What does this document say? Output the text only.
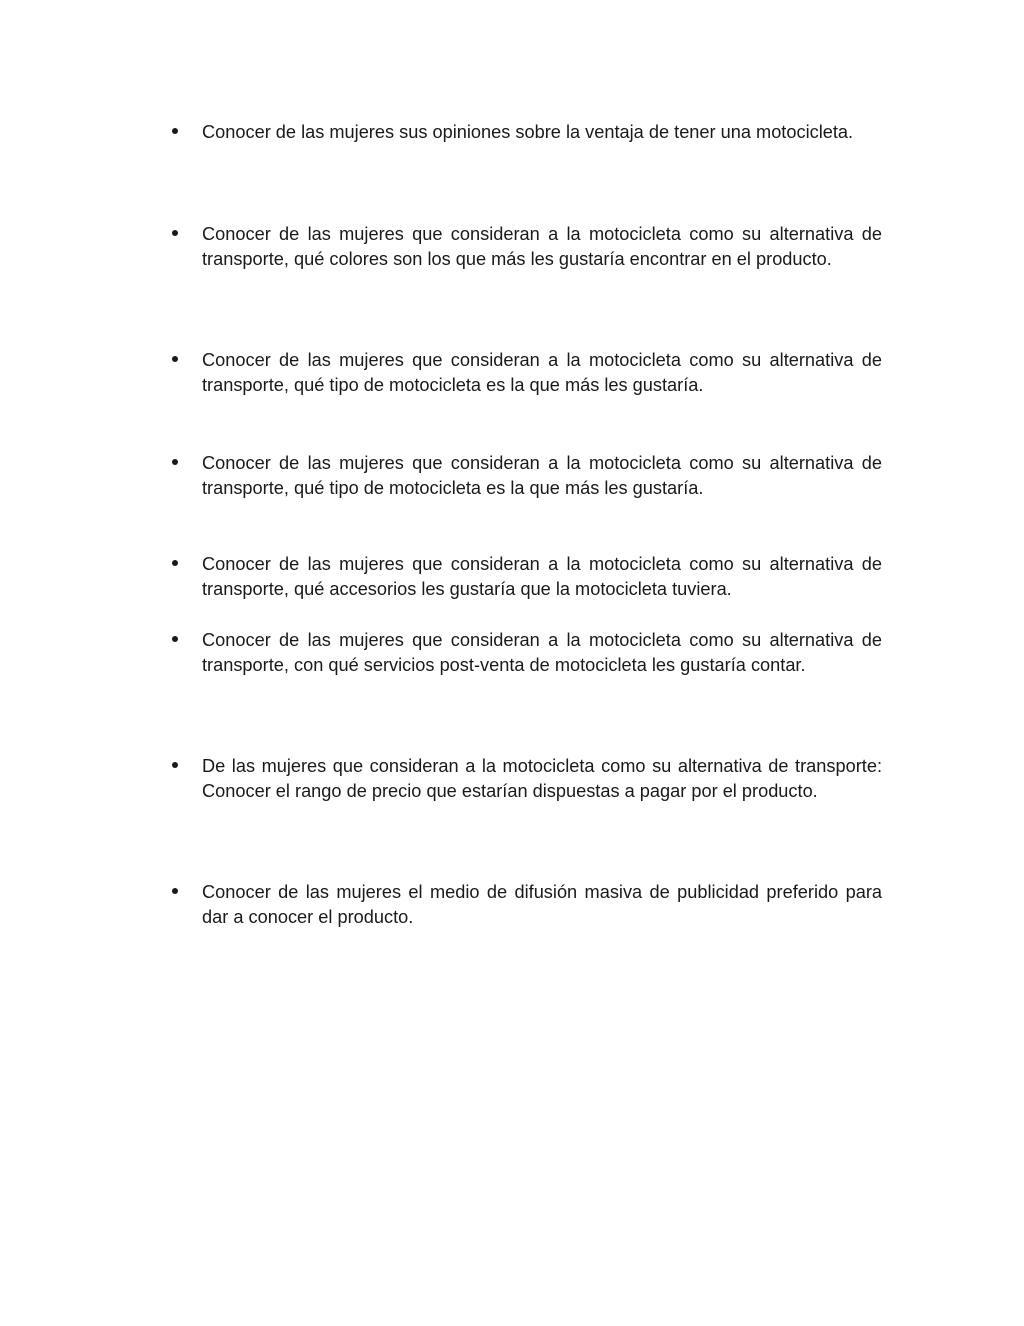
Conocer de las mujeres sus opiniones sobre la ventaja de tener una motocicleta.

Conocer de las mujeres que consideran a la motocicleta como su alternativa de transporte, qué colores son los que más les gustaría encontrar en el producto.

Conocer de las mujeres que consideran a la motocicleta como su alternativa de transporte, qué tipo de motocicleta es la que más les gustaría.

Conocer de las mujeres que consideran a la motocicleta como su alternativa de transporte, qué tipo de motocicleta es la que más les gustaría.

Conocer de las mujeres que consideran a la motocicleta como su alternativa de transporte, qué accesorios les gustaría que la motocicleta tuviera.

Conocer de las mujeres que consideran a la motocicleta como su alternativa de transporte, con qué servicios post-venta de motocicleta les gustaría contar.

De las mujeres que consideran a la motocicleta como su alternativa de transporte: Conocer el rango de precio que estarían dispuestas a pagar por el producto.

Conocer de las mujeres el medio de difusión masiva de publicidad preferido para dar a conocer el producto.
